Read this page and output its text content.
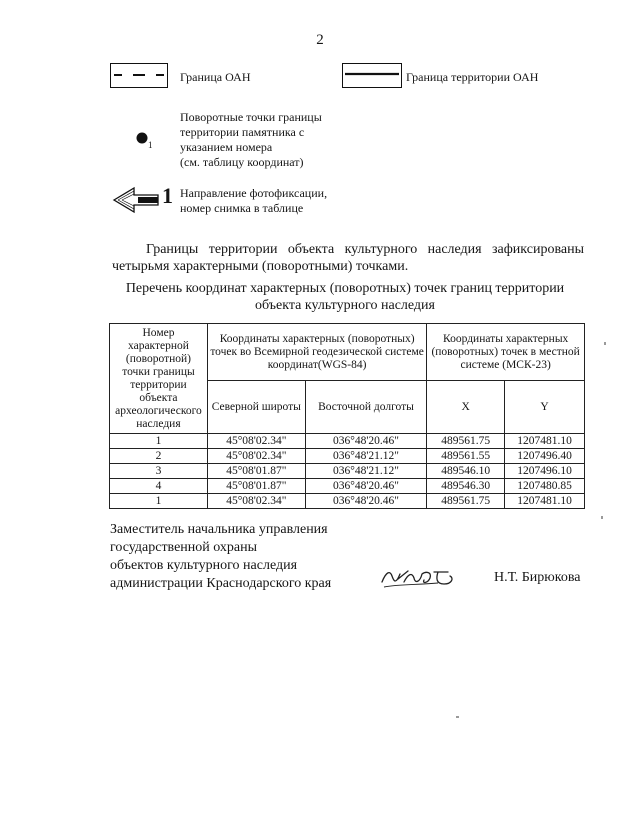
2
Граница ОАН	Граница территории ОАН
1
Поворотные точки границы
территории памятника с
указанием номера
(см. таблицу координат)
1 Направление фотофиксации,
номер снимка в таблице
Границы территории объекта культурного наследия зафиксированы
четырьмя характерными (поворотными) точками.
Перечень координат характерных (поворотных) точек границ территории
объекта культурного наследия
Номер характерной (поворотной) точки границы территории объекта археологического наследия	Координаты характерных (поворотных) точек во Всемирной геодезической системе координат(WGS-84)		Координаты характерных (поворотных) точек в местной системе (МСК-23)	
	Северной широты	Восточной долготы	X	Y
1	45°08'02.34"	036°48'20.46"	489561.75	1207481.10
2	45°08'02.34"	036°48'21.12"	489561.55	1207496.40
3	45°08'01.87"	036°48'21.12"	489546.10	1207496.10
4	45°08'01.87"	036°48'20.46"	489546.30	1207480.85
1	45°08'02.34"	036°48'20.46"	489561.75	1207481.10
Заместитель начальника управления
государственной охраны
объектов культурного наследия
администрации Краснодарского края	Н.Т. Бирюкова
